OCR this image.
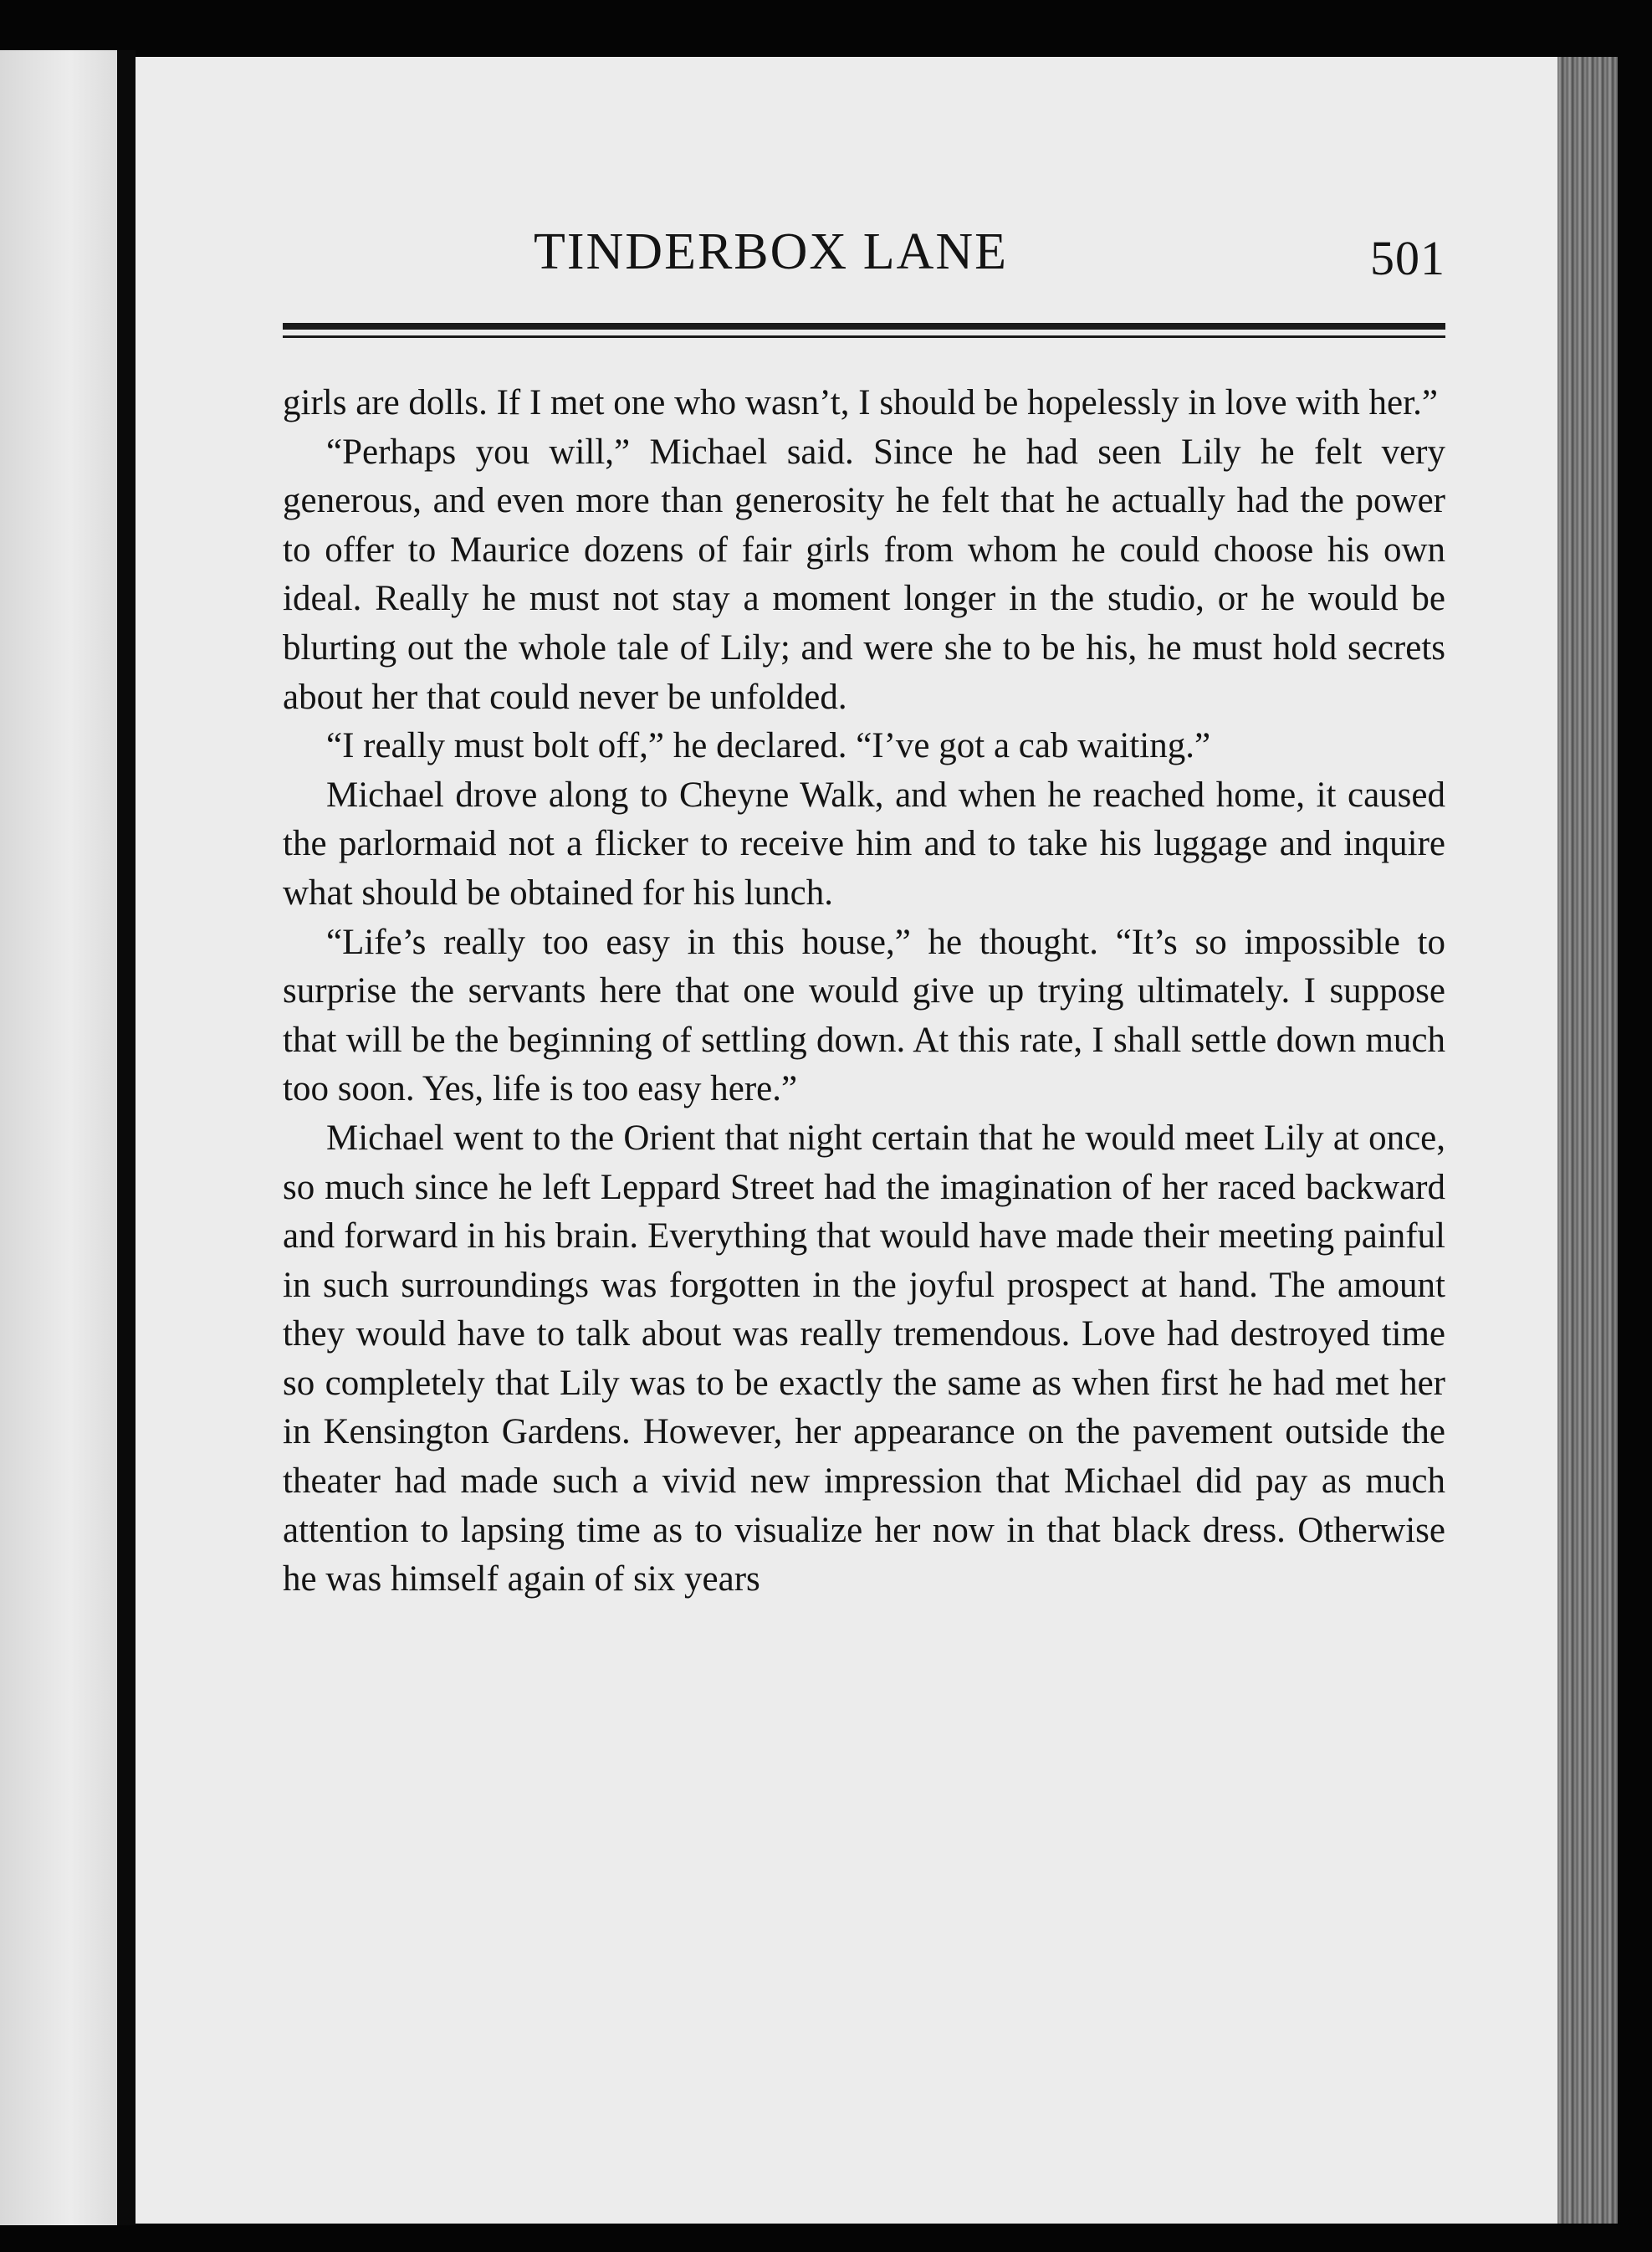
TINDERBOX LANE	501

girls are dolls. If I met one who wasn’t, I should be hopelessly in love with her.”

“Perhaps you will,” Michael said. Since he had seen Lily he felt very generous, and even more than generosity he felt that he actually had the power to offer to Maurice dozens of fair girls from whom he could choose his own ideal. Really he must not stay a moment longer in the studio, or he would be blurting out the whole tale of Lily; and were she to be his, he must hold secrets about her that could never be unfolded.

“I really must bolt off,” he declared. “I’ve got a cab waiting.”

Michael drove along to Cheyne Walk, and when he reached home, it caused the parlormaid not a flicker to receive him and to take his luggage and inquire what should be obtained for his lunch.

“Life’s really too easy in this house,” he thought. “It’s so impossible to surprise the servants here that one would give up trying ultimately. I suppose that will be the beginning of settling down. At this rate, I shall settle down much too soon. Yes, life is too easy here.”

Michael went to the Orient that night certain that he would meet Lily at once, so much since he left Leppard Street had the imagination of her raced backward and forward in his brain. Everything that would have made their meeting painful in such surroundings was forgotten in the joyful prospect at hand. The amount they would have to talk about was really tremendous. Love had destroyed time so completely that Lily was to be exactly the same as when first he had met her in Kensington Gardens. However, her appearance on the pavement outside the theater had made such a vivid new impression that Michael did pay as much attention to lapsing time as to visualize her now in that black dress. Otherwise he was himself again of six years
